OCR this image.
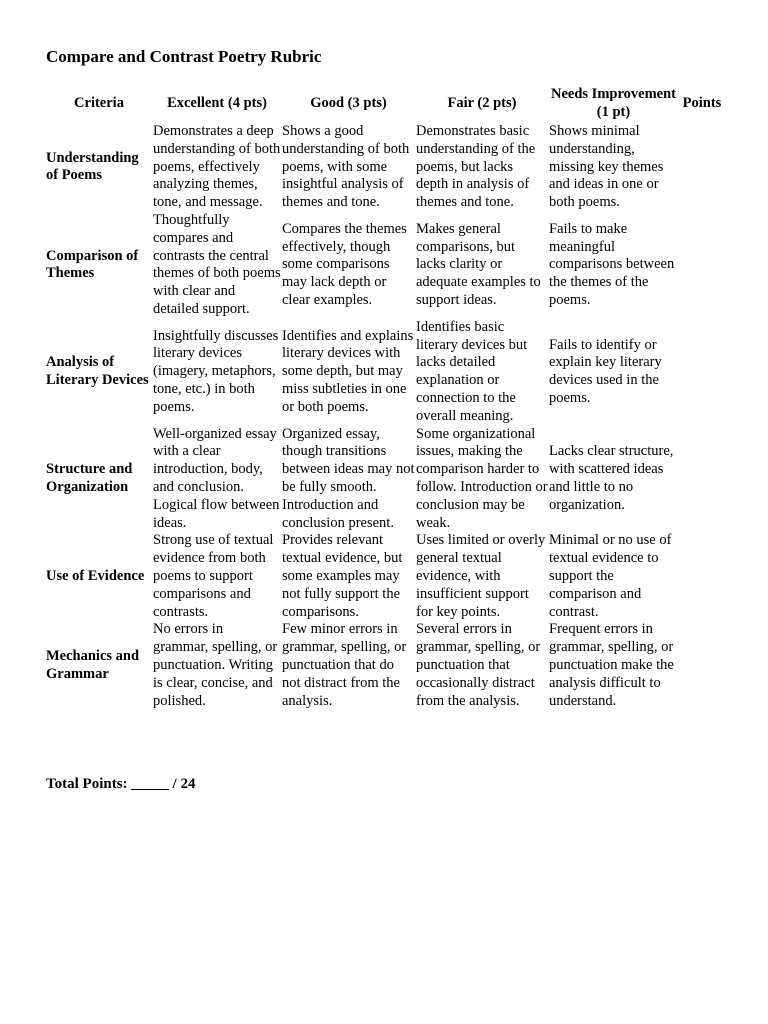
Compare and Contrast Poetry Rubric
Criteria	Excellent (4 pts)	Good (3 pts)	Fair (2 pts)	Needs Improvement (1 pt)	Points
Understanding of Poems	Demonstrates a deep understanding of both poems, effectively analyzing themes, tone, and message.	Shows a good understanding of both poems, with some insightful analysis of themes and tone.	Demonstrates basic understanding of the poems, but lacks depth in analysis of themes and tone.	Shows minimal understanding, missing key themes and ideas in one or both poems.	
Comparison of Themes	Thoughtfully compares and contrasts the central themes of both poems with clear and detailed support.	Compares the themes effectively, though some comparisons may lack depth or clear examples.	Makes general comparisons, but lacks clarity or adequate examples to support ideas.	Fails to make meaningful comparisons between the themes of the poems.	
Analysis of Literary Devices	Insightfully discusses literary devices (imagery, metaphors, tone, etc.) in both poems.	Identifies and explains literary devices with some depth, but may miss subtleties in one or both poems.	Identifies basic literary devices but lacks detailed explanation or connection to the overall meaning.	Fails to identify or explain key literary devices used in the poems.	
Structure and Organization	Well-organized essay with a clear introduction, body, and conclusion. Logical flow between ideas.	Organized essay, though transitions between ideas may not be fully smooth. Introduction and conclusion present.	Some organizational issues, making the comparison harder to follow. Introduction or conclusion may be weak.	Lacks clear structure, with scattered ideas and little to no organization.	
Use of Evidence	Strong use of textual evidence from both poems to support comparisons and contrasts.	Provides relevant textual evidence, but some examples may not fully support the comparisons.	Uses limited or overly general textual evidence, with insufficient support for key points.	Minimal or no use of textual evidence to support the comparison and contrast.	
Mechanics and Grammar	No errors in grammar, spelling, or punctuation. Writing is clear, concise, and polished.	Few minor errors in grammar, spelling, or punctuation that do not distract from the analysis.	Several errors in grammar, spelling, or punctuation that occasionally distract from the analysis.	Frequent errors in grammar, spelling, or punctuation make the analysis difficult to understand.	
Total Points: _____ / 24
